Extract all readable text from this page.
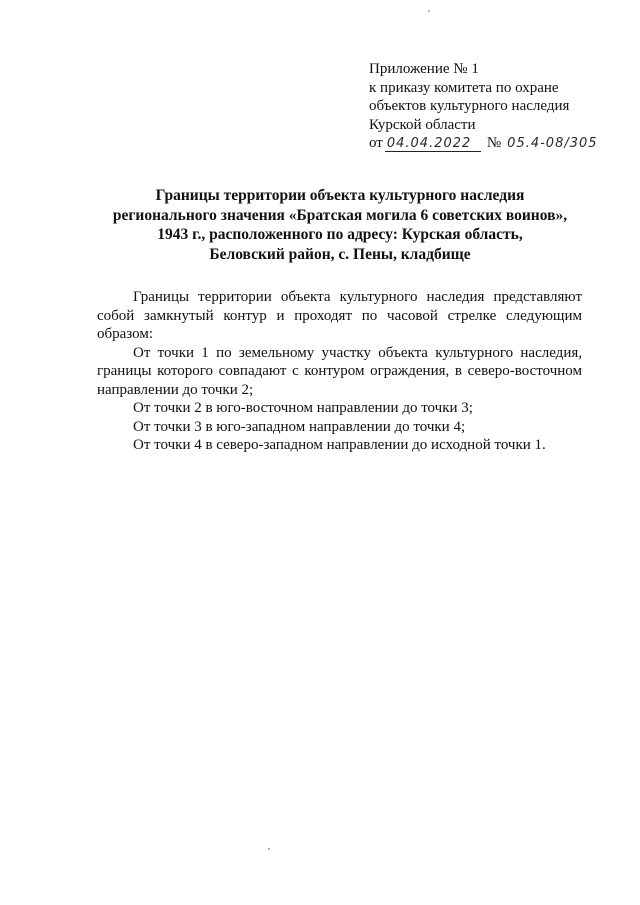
Приложение № 1
к приказу комитета по охране
объектов культурного наследия
Курской области
от 04.04.2022	№ 05.4-08/305
Границы территории объекта культурного наследия
регионального значения «Братская могила 6 советских воинов»,
1943 г., расположенного по адресу: Курская область,
Беловский район, с. Пены, кладбище

Границы территории объекта культурного наследия представляют собой замкнутый контур и проходят по часовой стрелке следующим образом:

От точки 1 по земельному участку объекта культурного наследия, границы которого совпадают с контуром ограждения, в северо-восточном направлении до точки 2;

От точки 2 в юго-восточном направлении до точки 3;

От точки 3 в юго-западном направлении до точки 4;

От точки 4 в северо-западном направлении до исходной точки 1.
